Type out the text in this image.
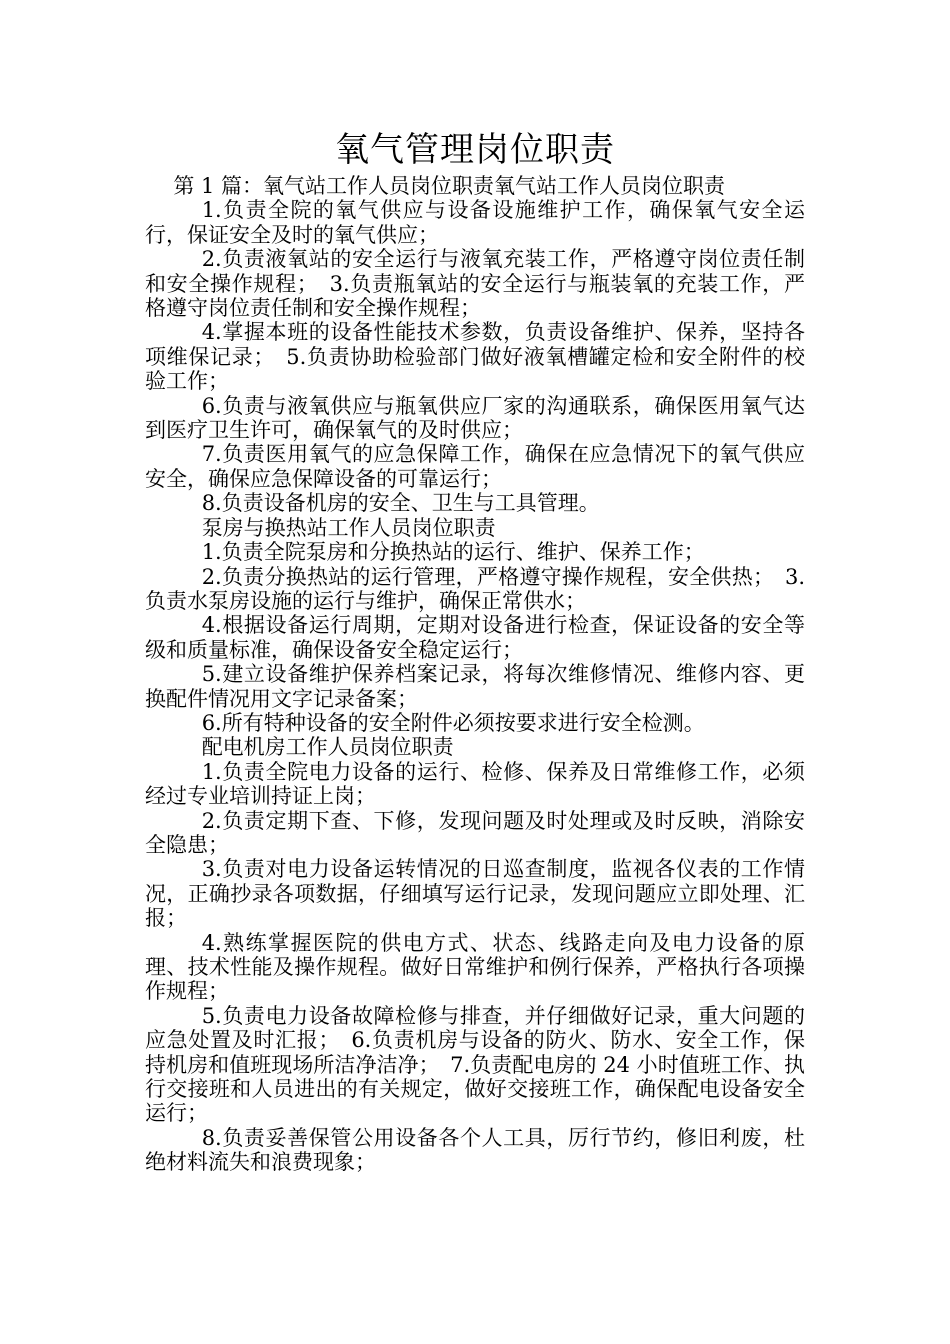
氧气管理岗位职责

第 1 篇：氧气站工作人员岗位职责氧气站工作人员岗位职责

1.负责全院的氧气供应与设备设施维护工作，确保氧气安全运行，保证安全及时的氧气供应；

2.负责液氧站的安全运行与液氧充装工作，严格遵守岗位责任制和安全操作规程；　3.负责瓶氧站的安全运行与瓶装氧的充装工作，严格遵守岗位责任制和安全操作规程；

4.掌握本班的设备性能技术参数，负责设备维护、保养，坚持各项维保记录；　5.负责协助检验部门做好液氧槽罐定检和安全附件的校验工作；

6.负责与液氧供应与瓶氧供应厂家的沟通联系，确保医用氧气达到医疗卫生许可，确保氧气的及时供应；

7.负责医用氧气的应急保障工作，确保在应急情况下的氧气供应安全，确保应急保障设备的可靠运行；

8.负责设备机房的安全、卫生与工具管理。

泵房与换热站工作人员岗位职责

1.负责全院泵房和分换热站的运行、维护、保养工作；

2.负责分换热站的运行管理，严格遵守操作规程，安全供热；　3.负责水泵房设施的运行与维护，确保正常供水；

4.根据设备运行周期，定期对设备进行检查，保证设备的安全等级和质量标准，确保设备安全稳定运行；

5.建立设备维护保养档案记录，将每次维修情况、维修内容、更换配件情况用文字记录备案；

6.所有特种设备的安全附件必须按要求进行安全检测。

配电机房工作人员岗位职责

1.负责全院电力设备的运行、检修、保养及日常维修工作，必须经过专业培训持证上岗；

2.负责定期下查、下修，发现问题及时处理或及时反映，消除安全隐患；

3.负责对电力设备运转情况的日巡查制度，监视各仪表的工作情况，正确抄录各项数据，仔细填写运行记录，发现问题应立即处理、汇报；

4.熟练掌握医院的供电方式、状态、线路走向及电力设备的原理、技术性能及操作规程。做好日常维护和例行保养，严格执行各项操作规程；

5.负责电力设备故障检修与排查，并仔细做好记录，重大问题的应急处置及时汇报；　6.负责机房与设备的防火、防水、安全工作，保持机房和值班现场所洁净洁净；　7.负责配电房的 24 小时值班工作、执行交接班和人员进出的有关规定，做好交接班工作，确保配电设备安全运行；

8.负责妥善保管公用设备各个人工具，厉行节约，修旧利废，杜绝材料流失和浪费现象；
